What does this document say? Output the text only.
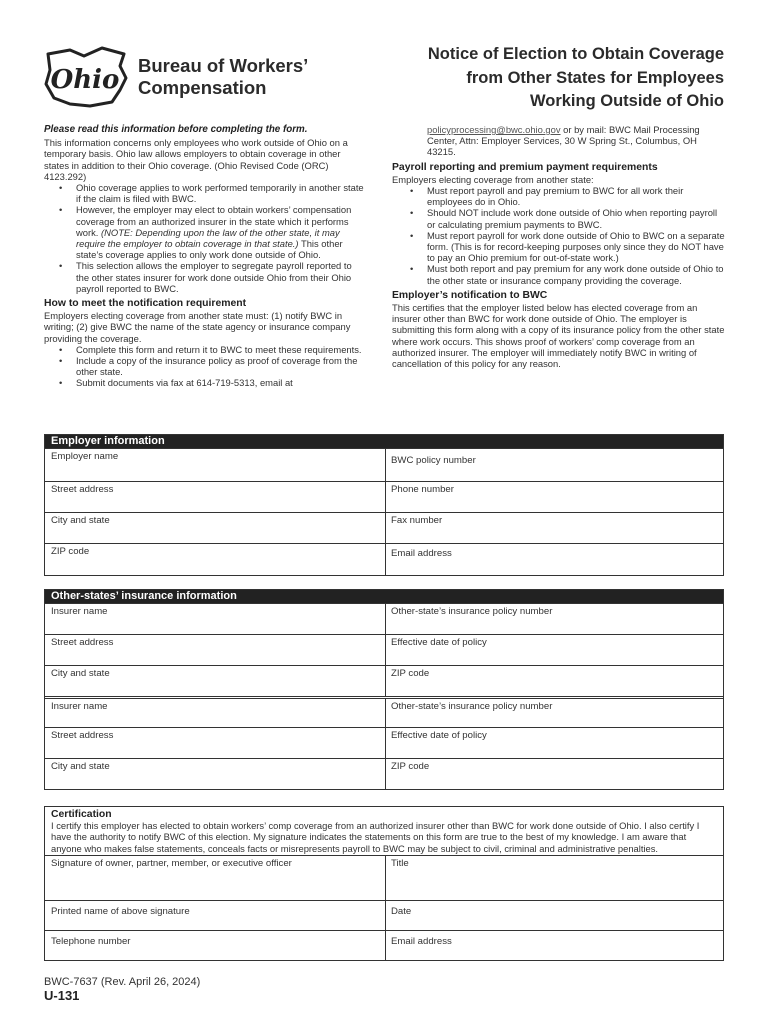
Ohio Bureau of Workers’
Compensation
Notice of Election to Obtain Coverage
from Other States for Employees
Working Outside of Ohio
Please read this information before completing the form.
This information concerns only employees who work outside of Ohio on a temporary basis. Ohio law allows employers to obtain coverage in other states in addition to their Ohio coverage. (Ohio Revised Code (ORC) 4123.292)
• Ohio coverage applies to work performed temporarily in another state if the claim is filed with BWC.
• However, the employer may elect to obtain workers’ compensation coverage from an authorized insurer in the state which it performs work. (NOTE: Depending upon the law of the other state, it may require the employer to obtain coverage in that state.) This other state’s coverage applies to only work done outside of Ohio.
• This selection allows the employer to segregate payroll reported to the other states insurer for work done outside Ohio from their Ohio payroll reported to BWC.
How to meet the notification requirement
Employers electing coverage from another state must: (1) notify BWC in writing; (2) give BWC the name of the state agency or insurance company providing the coverage.
• Complete this form and return it to BWC to meet these requirements.
• Include a copy of the insurance policy as proof of coverage from the other state.
• Submit documents via fax at 614-719-5313, email at
policyprocessing@bwc.ohio.gov or by mail: BWC Mail Processing Center, Attn: Employer Services, 30 W Spring St., Columbus, OH 43215.
Payroll reporting and premium payment requirements
Employers electing coverage from another state:
• Must report payroll and pay premium to BWC for all work their employees do in Ohio.
• Should NOT include work done outside of Ohio when reporting payroll or calculating premium payments to BWC.
• Must report payroll for work done outside of Ohio to BWC on a separate form. (This is for record-keeping purposes only since they do NOT have to pay an Ohio premium for out-of-state work.)
• Must both report and pay premium for any work done outside of Ohio to the other state or insurance company providing the coverage.
Employer’s notification to BWC
This certifies that the employer listed below has elected coverage from an insurer other than BWC for work done outside of Ohio. The employer is submitting this form along with a copy of its insurance policy from the other state where work occurs. This shows proof of workers’ comp coverage from an authorized insurer. The employer will immediately notify BWC in writing of cancellation of this policy for any reason.
Employer information
Employer name	BWC policy number
Street address	Phone number
City and state	Fax number
ZIP code	Email address
Other-states’ insurance information
Insurer name	Other-state’s insurance policy number
Street address	Effective date of policy
City and state	ZIP code
Insurer name	Other-state’s insurance policy number
Street address	Effective date of policy
City and state	ZIP code
Certification
I certify this employer has elected to obtain workers’ comp coverage from an authorized insurer other than BWC for work done outside of Ohio. I also certify I have the authority to notify BWC of this election. My signature indicates the statements on this form are true to the best of my knowledge. I am aware that anyone who makes false statements, conceals facts or misrepresents payroll to BWC may be subject to civil, criminal and administrative penalties.
Signature of owner, partner, member, or executive officer	Title
Printed name of above signature	Date
Telephone number	Email address
BWC-7637 (Rev. April 26, 2024)
U-131
